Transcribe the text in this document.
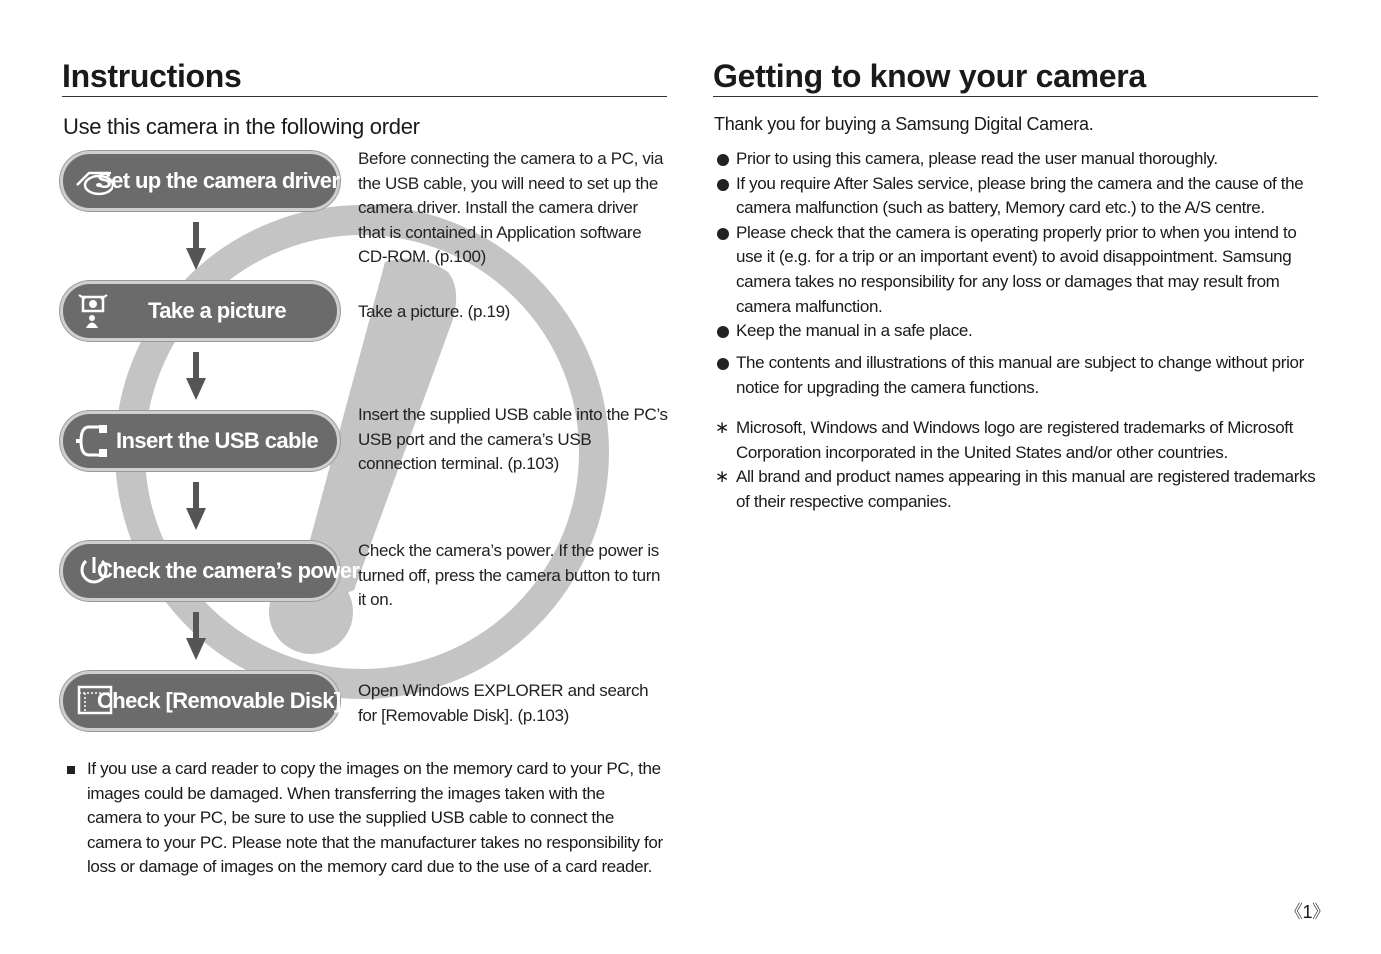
Instructions
Use this camera in the following order
Set up the camera driver
Before connecting the camera to a PC, via the USB cable, you will need to set up the camera driver. Install the camera driver that is contained in Application software CD-ROM. (p.100)
Take a picture	Take a picture. (p.19)
Insert the USB cable
Insert the supplied USB cable into the PC’s USB port and the camera’s USB connection terminal. (p.103)
Check the camera’s power
Check the camera’s power. If the power is turned off, press the camera button to turn it on.
Check [Removable Disk] Open Windows EXPLORER and search for [Removable Disk]. (p.103)
If you use a card reader to copy the images on the memory card to your PC, the images could be damaged. When transferring the images taken with the camera to your PC, be sure to use the supplied USB cable to connect the camera to your PC. Please note that the manufacturer takes no responsibility for loss or damage of images on the memory card due to the use of a card reader.
Getting to know your camera
Thank you for buying a Samsung Digital Camera.
Prior to using this camera, please read the user manual thoroughly.
If you require After Sales service, please bring the camera and the cause of the camera malfunction (such as battery, Memory card etc.) to the A/S centre.
Please check that the camera is operating properly prior to when you intend to use it (e.g. for a trip or an important event) to avoid disappointment. Samsung camera takes no responsibility for any loss or damages that may result from camera malfunction.
Keep the manual in a safe place.
The contents and illustrations of this manual are subject to change without prior notice for upgrading the camera functions.
∗ Microsoft, Windows and Windows logo are registered trademarks of Microsoft Corporation incorporated in the United States and/or other countries.
∗ All brand and product names appearing in this manual are registered trademarks of their respective companies.
《1》
